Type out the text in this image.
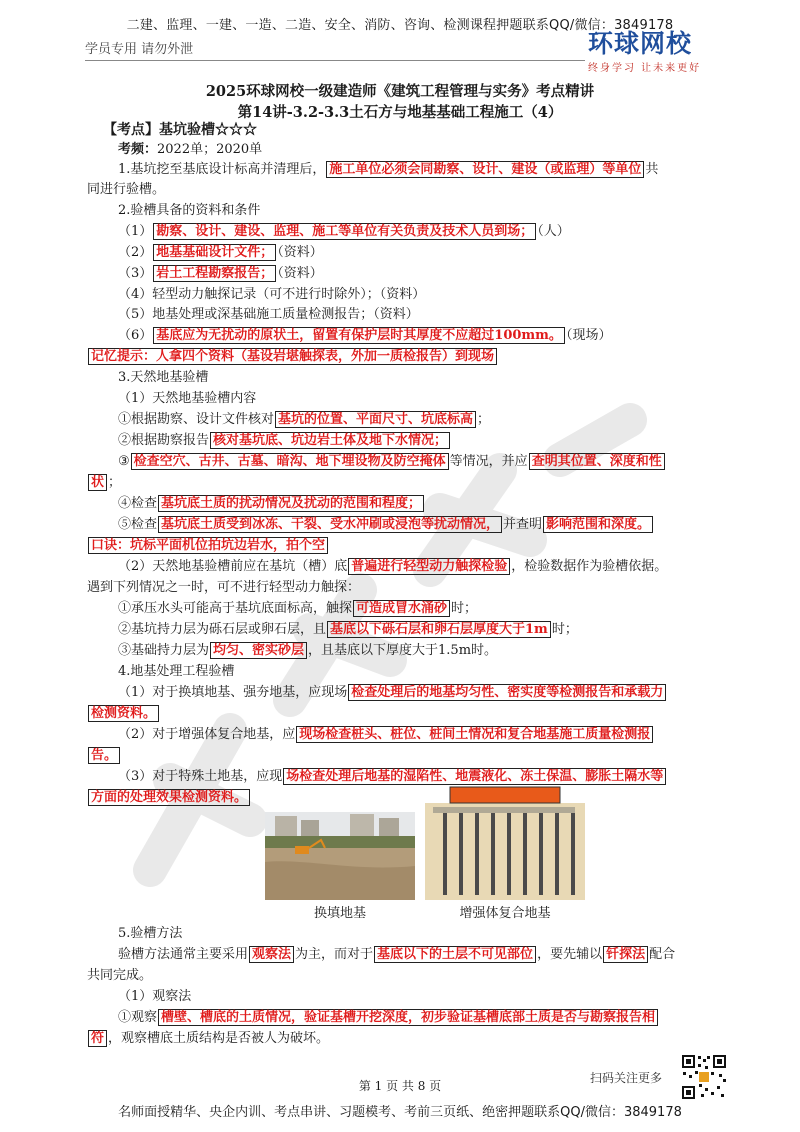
二建、监理、一建、一造、二造、安全、消防、咨询、检测课程押题联系QQ/微信：3849178
学员专用 请勿外泄	环球网校
终身学习 让未来更好
2025环球网校一级建造师《建筑工程管理与实务》考点精讲
第14讲-3.2-3.3土石方与地基基础工程施工（4）
【考点】基坑验槽☆☆☆
考频：2022单；2020单
1.基坑挖至基底设计标高并清理后， 施工单位必须会同勘察、设计、建设（或监理）等单位 共
同进行验槽。
2.验槽具备的资料和条件
（1） 勘察、设计、建设、监理、施工等单位有关负责及技术人员到场； （人）
（2） 地基基础设计文件； （资料）
（3） 岩土工程勘察报告； （资料）
（4）轻型动力触探记录（可不进行时除外）；（资料）
（5）地基处理或深基础施工质量检测报告；（资料）
（6） 基底应为无扰动的原状土，留置有保护层时其厚度不应超过100mm。 （现场）
记忆提示：人拿四个资料（基设岩堪触探表，外加一质检报告）到现场
3.天然地基验槽
（1）天然地基验槽内容
①根据勘察、设计文件核对 基坑的位置、平面尺寸、坑底标高 ；
②根据勘察报告 核对基坑底、坑边岩土体及地下水情况；
③ 检查空穴、古井、古墓、暗沟、地下埋设物及防空掩体 等情况，并应 查明其位置、深度和性
状 ；
④检查 基坑底土质的扰动情况及扰动的范围和程度；
⑤检查 基坑底土质受到冰冻、干裂、受水冲刷或浸泡等扰动情况， 并查明 影响范围和深度。
口诀：坑标平面机位拍坑边岩水，拍个空
（2）天然地基验槽前应在基坑（槽）底 普遍进行轻型动力触探检验 ，检验数据作为验槽依据。
遇到下列情况之一时，可不进行轻型动力触探：
①承压水头可能高于基坑底面标高，触探 可造成冒水涌砂 时；
②基坑持力层为砾石层或卵石层，且 基底以下砾石层和卵石层厚度大于1m 时；
③基础持力层为 均匀、密实砂层 ，且基底以下厚度大于1.5m时。
4.地基处理工程验槽
（1）对于换填地基、强夯地基，应现场 检查处理后的地基均匀性、密实度等检测报告和承载力
检测资料。
（2）对于增强体复合地基，应 现场检查桩头、桩位、桩间土情况和复合地基施工质量检测报
告。
（3）对于特殊土地基，应现 场检查处理后地基的湿陷性、地震液化、冻土保温、膨胀土隔水等
方面的处理效果检测资料。
换填地基	增强体复合地基
5.验槽方法
验槽方法通常主要采用 观察法 为主，而对于 基底以下的土层不可见部位 ，要先辅以 钎探法 配合
共同完成。
（1）观察法
①观察 槽壁、槽底的土质情况，验证基槽开挖深度，初步验证基槽底部土质是否与勘察报告相
符 ，观察槽底土质结构是否被人为破坏。
扫码关注更多
第 1 页 共 8 页
名师面授精华、央企内训、考点串讲、习题模考、考前三页纸、绝密押题联系QQ/微信：3849178
